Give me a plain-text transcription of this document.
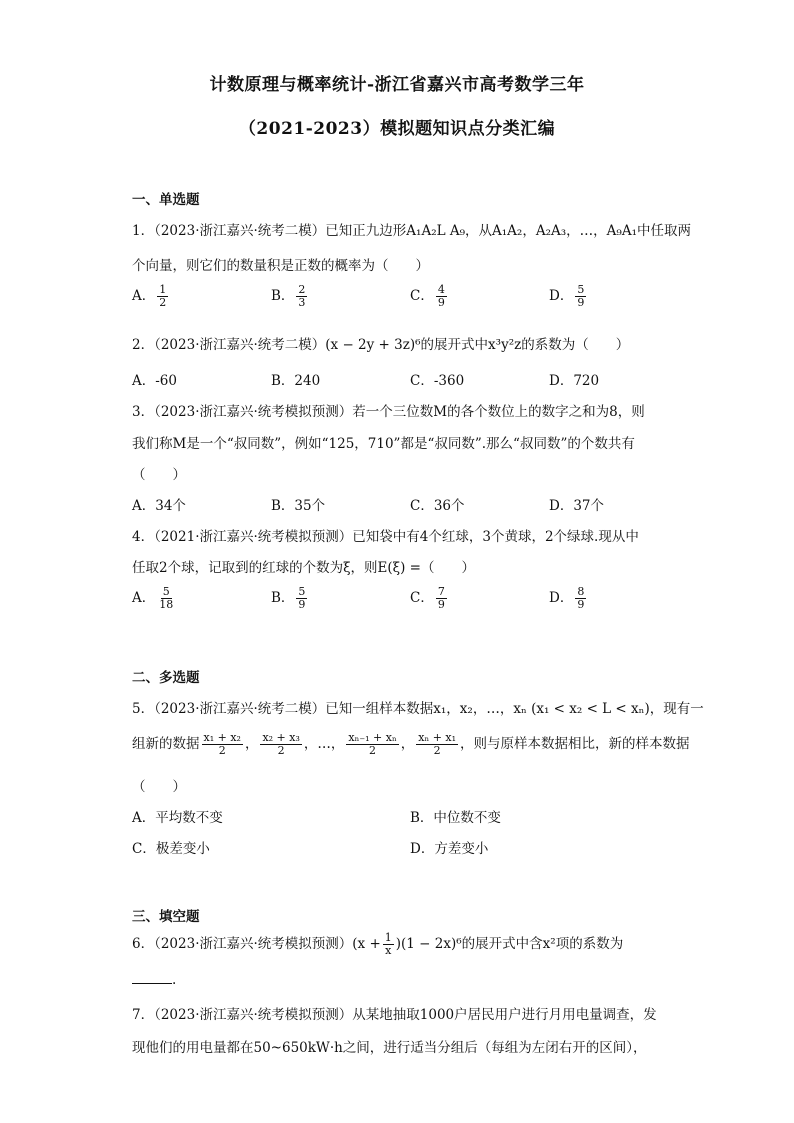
计数原理与概率统计-浙江省嘉兴市高考数学三年
（2021-2023）模拟题知识点分类汇编
一、单选题
1．（2023·浙江嘉兴·统考二模）已知正九边形A₁A₂L A₉，从A₁A₂，A₂A₃，…，A₉A₁中任取两
个向量，则它们的数量积是正数的概率为（　　）
A． $\frac{1}{2}$	B． $\frac{2}{3}$	C． $\frac{4}{9}$	D． $\frac{5}{9}$
2．（2023·浙江嘉兴·统考二模）(x − 2y + 3z)⁶的展开式中x³y²z的系数为（　　）
A．-60	B．240	C．-360	D．720
3．（2023·浙江嘉兴·统考模拟预测）若一个三位数M的各个数位上的数字之和为8，则
我们称M是一个“叔同数”，例如“125，710”都是“叔同数”.那么“叔同数”的个数共有
（　　）
A．34个	B．35个	C．36个	D．37个
4．（2021·浙江嘉兴·统考模拟预测）已知袋中有4个红球，3个黄球，2个绿球.现从中
任取2个球，记取到的红球的个数为ξ，则E(ξ) =（　　）
A． $\frac{5}{18}$	B． $\frac{5}{9}$	C． $\frac{7}{9}$	D． $\frac{8}{9}$
二、多选题
5．（2023·浙江嘉兴·统考二模）已知一组样本数据x₁，x₂，…，xₙ (x₁ < x₂ < L < xₙ)，现有一
组新的数据 $\frac{\text{x₁ + x₂}}{2}$ ， $\frac{\text{x₂ + x₃}}{2}$ ，…， $\frac{\text{xₙ₋₁ + xₙ}}{2}$ ， $\frac{\text{xₙ + x₁}}{2}$ ，则与原样本数据相比，新的样本数据
（　　）
A．平均数不变	B．中位数不变
C．极差变小	D．方差变小
三、填空题
6．（2023·浙江嘉兴·统考模拟预测）$(x + \frac{1}{x} )(1 - 2x)^6$的展开式中含x²项的系数为
.
7．（2023·浙江嘉兴·统考模拟预测）从某地抽取1000户居民用户进行月用电量调查，发
现他们的用电量都在50~650kW·h之间，进行适当分组后（每组为左闭右开的区间），
